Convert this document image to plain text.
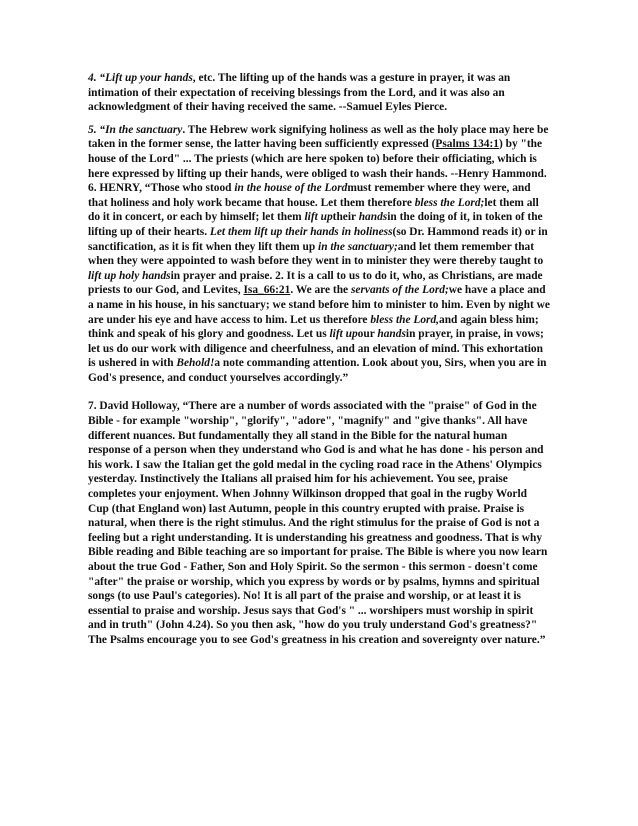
4. “Lift up your hands, etc. The lifting up of the hands was a gesture in prayer, it was an intimation of their expectation of receiving blessings from the Lord, and it was also an acknowledgment of their having received the same. --Samuel Eyles Pierce.

5. “In the sanctuary. The Hebrew work signifying holiness as well as the holy place may here be taken in the former sense, the latter having been sufficiently expressed (Psalms 134:1) by "the house of the Lord" ... The priests (which are here spoken to) before their officiating, which is here expressed by lifting up their hands, were obliged to wash their hands. --Henry Hammond.

6. HENRY, “Those who stood in the house of the Lordmust remember where they were, and that holiness and holy work became that house. Let them therefore bless the Lord;let them all do it in concert, or each by himself; let them lift uptheir handsin the doing of it, in token of the lifting up of their hearts. Let them lift up their hands in holiness(so Dr. Hammond reads it) or in sanctification, as it is fit when they lift them up in the sanctuary;and let them remember that when they were appointed to wash before they went in to minister they were thereby taught to lift up holy handsin prayer and praise. 2. It is a call to us to do it, who, as Christians, are made priests to our God, and Levites, Isa_66:21. We are the servants of the Lord;we have a place and a name in his house, in his sanctuary; we stand before him to minister to him. Even by night we are under his eye and have access to him. Let us therefore bless the Lord,and again bless him; think and speak of his glory and goodness. Let us lift upour handsin prayer, in praise, in vows; let us do our work with diligence and cheerfulness, and an elevation of mind. This exhortation is ushered in with Behold!a note commanding attention. Look about you, Sirs, when you are in God's presence, and conduct yourselves accordingly.”

7. David Holloway, “There are a number of words associated with the "praise" of God in the Bible - for example "worship", "glorify", "adore", "magnify" and "give thanks". All have different nuances. But fundamentally they all stand in the Bible for the natural human response of a person when they understand who God is and what he has done - his person and his work. I saw the Italian get the gold medal in the cycling road race in the Athens' Olympics yesterday. Instinctively the Italians all praised him for his achievement. You see, praise completes your enjoyment. When Johnny Wilkinson dropped that goal in the rugby World Cup (that England won) last Autumn, people in this country erupted with praise. Praise is natural, when there is the right stimulus. And the right stimulus for the praise of God is not a feeling but a right understanding. It is understanding his greatness and goodness. That is why Bible reading and Bible teaching are so important for praise. The Bible is where you now learn about the true God - Father, Son and Holy Spirit. So the sermon - this sermon - doesn't come "after" the praise or worship, which you express by words or by psalms, hymns and spiritual songs (to use Paul's categories). No! It is all part of the praise and worship, or at least it is essential to praise and worship. Jesus says that God's " ... worshipers must worship in spirit and in truth" (John 4.24). So you then ask, "how do you truly understand God's greatness?" The Psalms encourage you to see God's greatness in his creation and sovereignty over nature.”
